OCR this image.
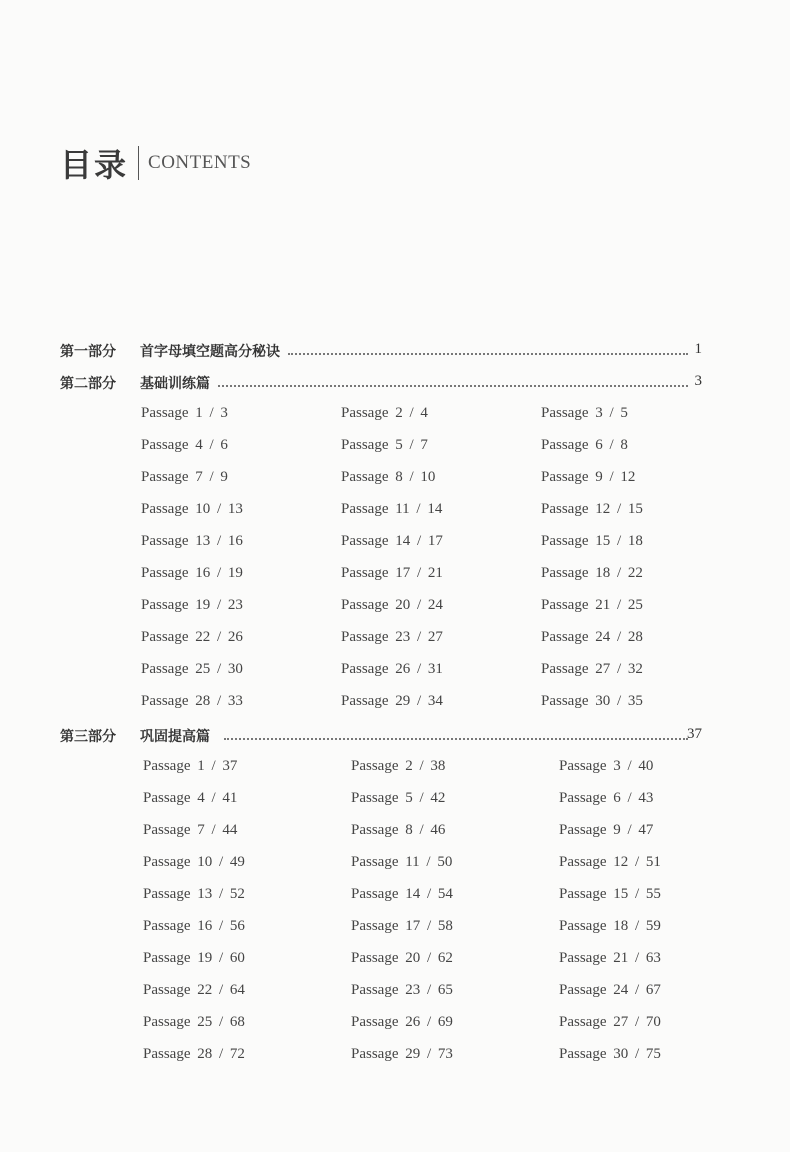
目录 CONTENTS
第一部分	首字母填空题高分秘诀	1
第二部分	基础训练篇	3
Passage 1 / 3	Passage 2 / 4	Passage 3 / 5
Passage 4 / 6	Passage 5 / 7	Passage 6 / 8
Passage 7 / 9	Passage 8 / 10	Passage 9 / 12
Passage 10 / 13	Passage 11 / 14	Passage 12 / 15
Passage 13 / 16	Passage 14 / 17	Passage 15 / 18
Passage 16 / 19	Passage 17 / 21	Passage 18 / 22
Passage 19 / 23	Passage 20 / 24	Passage 21 / 25
Passage 22 / 26	Passage 23 / 27	Passage 24 / 28
Passage 25 / 30	Passage 26 / 31	Passage 27 / 32
Passage 28 / 33	Passage 29 / 34	Passage 30 / 35
第三部分	巩固提高篇	37
Passage 1 / 37	Passage 2 / 38	Passage 3 / 40
Passage 4 / 41	Passage 5 / 42	Passage 6 / 43
Passage 7 / 44	Passage 8 / 46	Passage 9 / 47
Passage 10 / 49	Passage 11 / 50	Passage 12 / 51
Passage 13 / 52	Passage 14 / 54	Passage 15 / 55
Passage 16 / 56	Passage 17 / 58	Passage 18 / 59
Passage 19 / 60	Passage 20 / 62	Passage 21 / 63
Passage 22 / 64	Passage 23 / 65	Passage 24 / 67
Passage 25 / 68	Passage 26 / 69	Passage 27 / 70
Passage 28 / 72	Passage 29 / 73	Passage 30 / 75
